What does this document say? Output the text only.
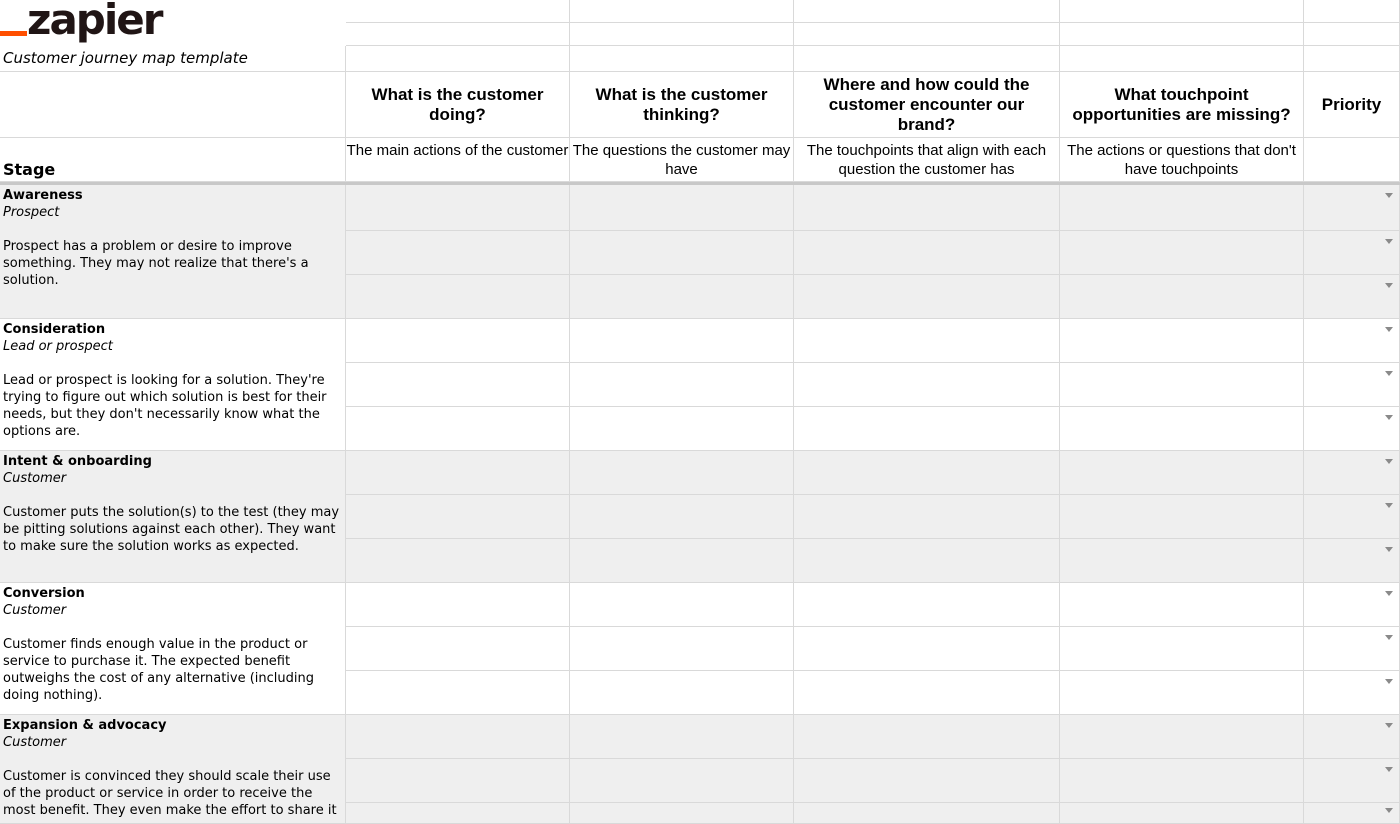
zapier
Customer journey map template
What is the customer doing?
What is the customer thinking?
Where and how could the customer encounter our brand?
What touchpoint opportunities are missing?
Priority
Stage
The main actions of the customer The questions the customer may have
The touchpoints that align with each question the customer has
The actions or questions that don't have touchpoints
Awareness
Prospect
Prospect has a problem or desire to improve something. They may not realize that there's a solution.
Consideration
Lead or prospect
Lead or prospect is looking for a solution. They're trying to figure out which solution is best for their needs, but they don't necessarily know what the options are.
Intent & onboarding
Customer
Customer puts the solution(s) to the test (they may be pitting solutions against each other). They want to make sure the solution works as expected.
Conversion
Customer
Customer finds enough value in the product or service to purchase it. The expected benefit outweighs the cost of any alternative (including doing nothing).
Expansion & advocacy
Customer
Customer is convinced they should scale their use of the product or service in order to receive the most benefit. They even make the effort to share it
